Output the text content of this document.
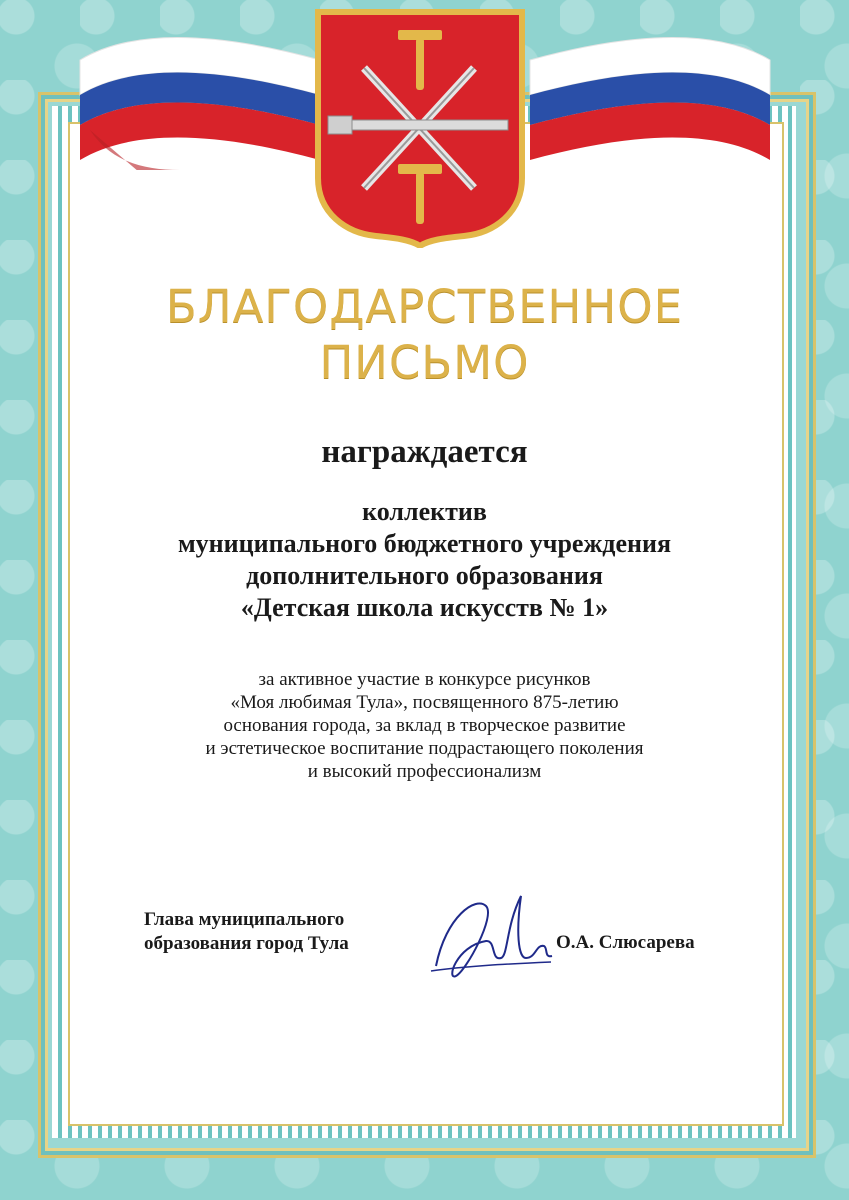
БЛАГОДАРСТВЕННОЕ
ПИСЬМО
награждается
коллектив
муниципального бюджетного учреждения
дополнительного образования
«Детская школа искусств № 1»
за активное участие в конкурсе рисунков
«Моя любимая Тула», посвященного 875-летию
основания города, за вклад в творческое развитие
и эстетическое воспитание подрастающего поколения
и высокий профессионализм
Глава муниципального
образования город Тула	О.А. Слюсарева
